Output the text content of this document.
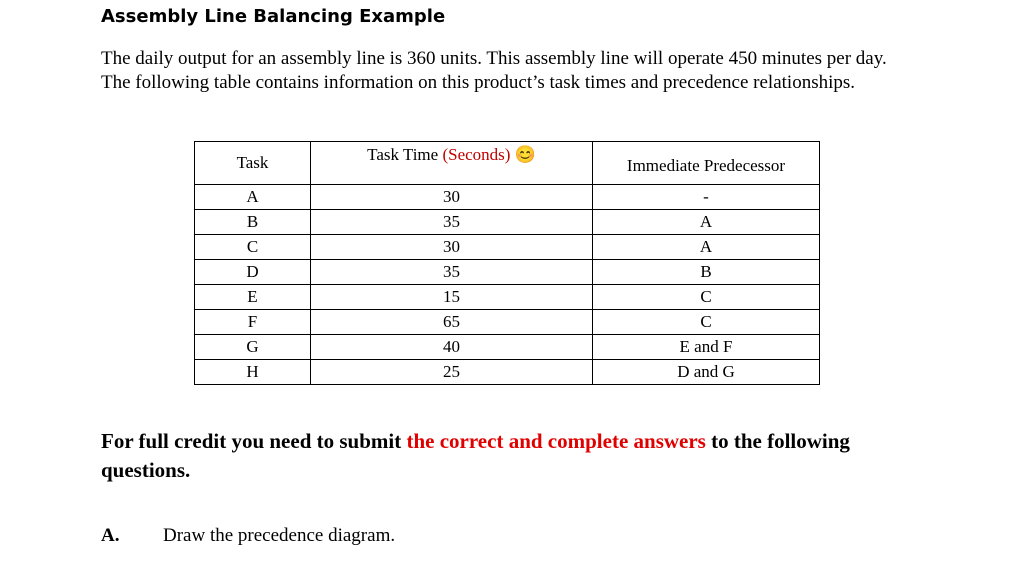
Assembly Line Balancing Example
The daily output for an assembly line is 360 units. This assembly line will operate 450 minutes per day. The following table contains information on this product’s task times and precedence relationships.
Task	Task Time (Seconds) 😊	Immediate Predecessor
A	30	-
B	35	A
C	30	A
D	35	B
E	15	C
F	65	C
G	40	E and F
H	25	D and G
For full credit you need to submit the correct and complete answers to the following questions.
A. Draw the precedence diagram.
